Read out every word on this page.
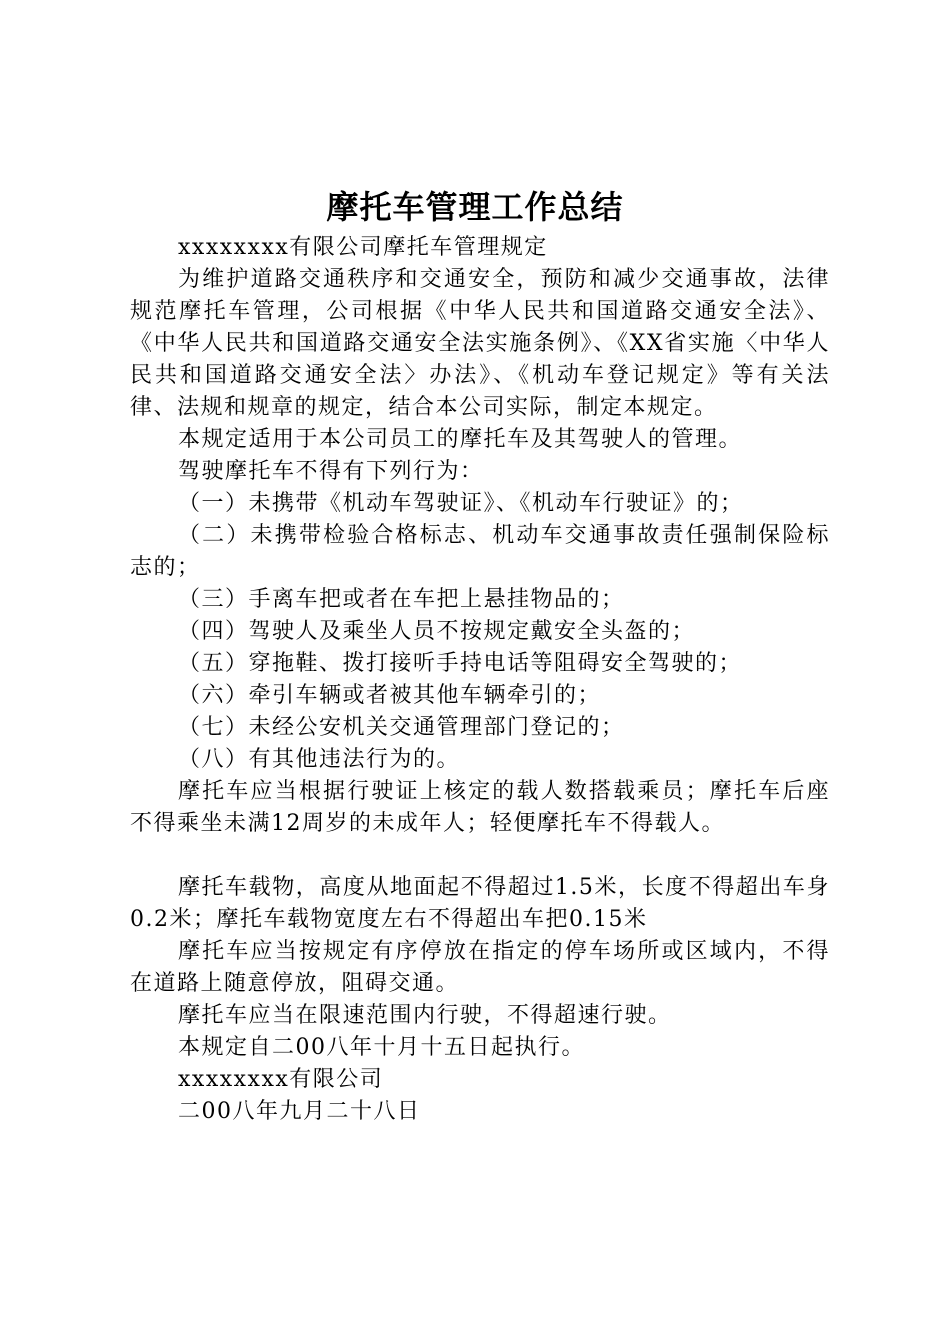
摩托车管理工作总结

xxxxxxxx有限公司摩托车管理规定

为维护道路交通秩序和交通安全，预防和减少交通事故，法律规范摩托车管理，公司根据《中华人民共和国道路交通安全法》、《中华人民共和国道路交通安全法实施条例》、《XX省实施〈中华人民共和国道路交通安全法〉办法》、《机动车登记规定》等有关法律、法规和规章的规定，结合本公司实际，制定本规定。

本规定适用于本公司员工的摩托车及其驾驶人的管理。

驾驶摩托车不得有下列行为：

（一）未携带《机动车驾驶证》、《机动车行驶证》的；

（二）未携带检验合格标志、机动车交通事故责任强制保险标志的；

（三）手离车把或者在车把上悬挂物品的；

（四）驾驶人及乘坐人员不按规定戴安全头盔的；

（五）穿拖鞋、拨打接听手持电话等阻碍安全驾驶的；

（六）牵引车辆或者被其他车辆牵引的；

（七）未经公安机关交通管理部门登记的；

（八）有其他违法行为的。

摩托车应当根据行驶证上核定的载人数搭载乘员；摩托车后座不得乘坐未满12周岁的未成年人；轻便摩托车不得载人。

摩托车载物，高度从地面起不得超过1.5米，长度不得超出车身0.2米；摩托车载物宽度左右不得超出车把0.15米

摩托车应当按规定有序停放在指定的停车场所或区域内，不得在道路上随意停放，阻碍交通。

摩托车应当在限速范围内行驶，不得超速行驶。

本规定自二00八年十月十五日起执行。

xxxxxxxx有限公司

二00八年九月二十八日
